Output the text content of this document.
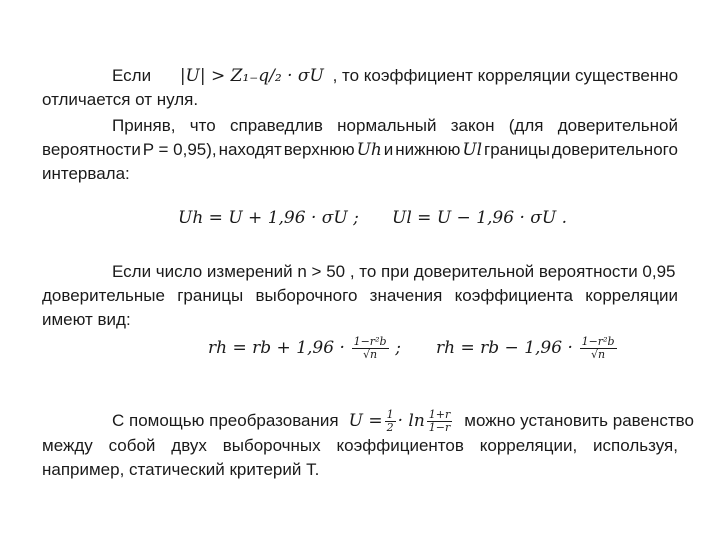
Если |U| > Z₁₋q/₂ · σU , то коэффициент корреляции существенно
отличается от нуля.
Приняв, что справедлив нормальный закон (для доверительной
вероятности P = 0,95), находят верхнюю Uh и нижнюю Ul границы доверительного
интервала:
Uh = U + 1,96 · σU ; Ul = U − 1,96 · σU .
Если число измерений n > 50 , то при доверительной вероятности 0,95
доверительные границы выборочного значения коэффициента корреляции
имеют вид:
rh = rb + $1,96 \cdot \frac{\text{1−r²b}}{√n}$ ; rh = rb − $1,96 \cdot \frac{\text{1−r²b}}{√n}$
С помощью преобразования $U = \frac{1}{2} \cdot \ln \frac{1+r}{1-r}$ можно установить равенство
между собой двух выборочных коэффициентов корреляции, используя,
например, статический критерий T.
